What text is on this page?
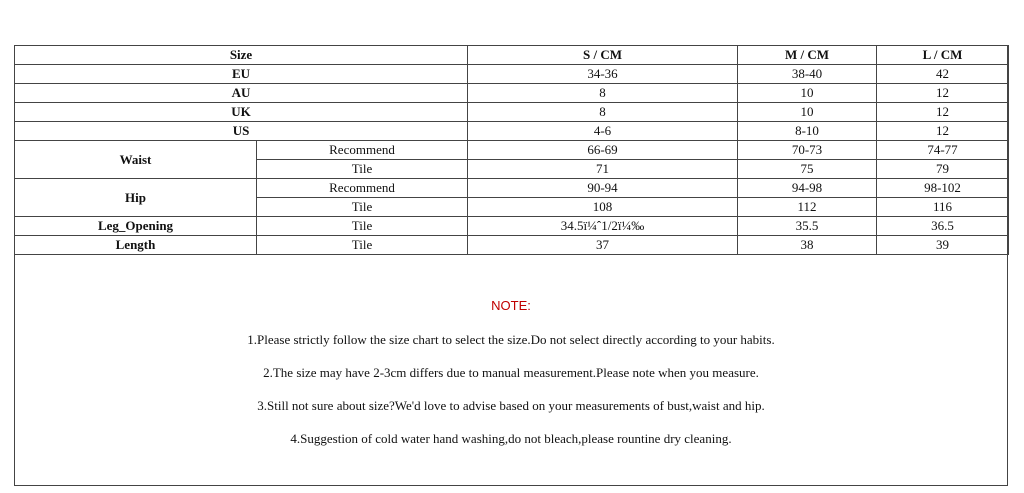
Size		S / CM	M / CM	L / CM
EU		34-36	38-40	42
AU		8	10	12
UK		8	10	12
US		4-6	8-10	12
Waist	Recommend	66-69	70-73	74-77
	Tile	71	75	79
Hip	Recommend	90-94	94-98	98-102
	Tile	108	112	116
Leg_Opening	Tile	34.5ï¼ˆ1/2ï¼‰	35.5	36.5
Length	Tile	37	38	39
NOTE:
1.Please strictly follow the size chart to select the size.Do not select directly according to your habits.
2.The size may have 2-3cm differs due to manual measurement.Please note when you measure.
3.Still not sure about size?We'd love to advise based on your measurements of bust,waist and hip.
4.Suggestion of cold water hand washing,do not bleach,please rountine dry cleaning.
